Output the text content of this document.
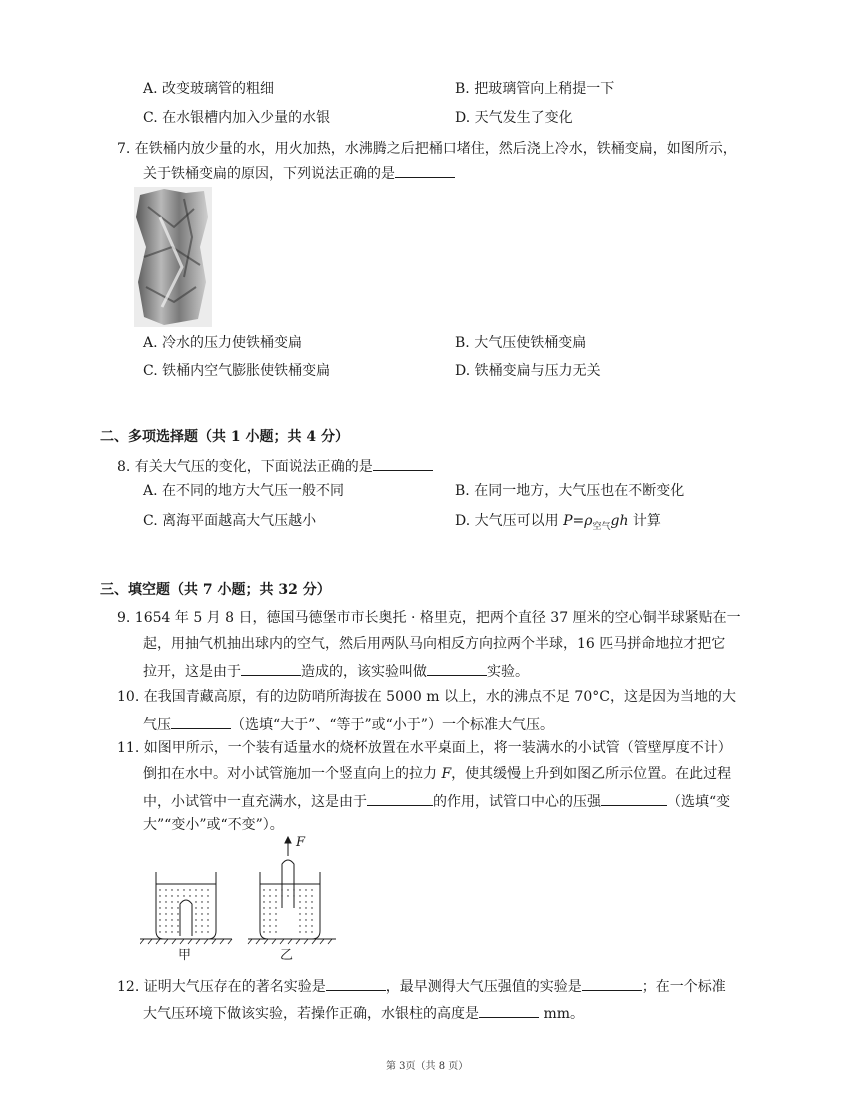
A. 改变玻璃管的粗细	B. 把玻璃管向上稍提一下
C. 在水银槽内加入少量的水银	D. 天气发生了变化
7. 在铁桶内放少量的水，用火加热，水沸腾之后把桶口堵住，然后浇上冷水，铁桶变扁，如图所示，
关于铁桶变扁的原因，下列说法正确的是
A. 冷水的压力使铁桶变扁	B. 大气压使铁桶变扁
C. 铁桶内空气膨胀使铁桶变扁	D. 铁桶变扁与压力无关
二、多项选择题（共 1 小题；共 4 分）
8. 有关大气压的变化，下面说法正确的是
A. 在不同的地方大气压一般不同	B. 在同一地方，大气压也在不断变化
C. 离海平面越高大气压越小	D. 大气压可以用 $P=\rho_{空气}gh$ 计算
三、填空题（共 7 小题；共 32 分）
9. 1654 年 5 月 8 日，德国马德堡市市长奥托 · 格里克，把两个直径 37 厘米的空心铜半球紧贴在一
起，用抽气机抽出球内的空气，然后用两队马向相反方向拉两个半球，16 匹马拼命地拉才把它
拉开，这是由于	造成的，该实验叫做	实验。
10. 在我国青藏高原，有的边防哨所海拔在 5000 m 以上，水的沸点不足 70°C，这是因为当地的大
气压	（选填“大于”、“等于”或“小于”）一个标准大气压。
11. 如图甲所示，一个装有适量水的烧杯放置在水平桌面上，将一装满水的小试管（管壁厚度不计）
倒扣在水中。对小试管施加一个竖直向上的拉力 F，使其缓慢上升到如图乙所示位置。在此过程
中，小试管中一直充满水，这是由于	的作用，试管口中心的压强	（选填“变
大”“变小”或“不变”）。
F
甲	乙
12. 证明大气压存在的著名实验是	，最早测得大气压强值的实验是	；在一个标准
大气压环境下做该实验，若操作正确，水银柱的高度是	mm。
第 3页（共 8 页）
